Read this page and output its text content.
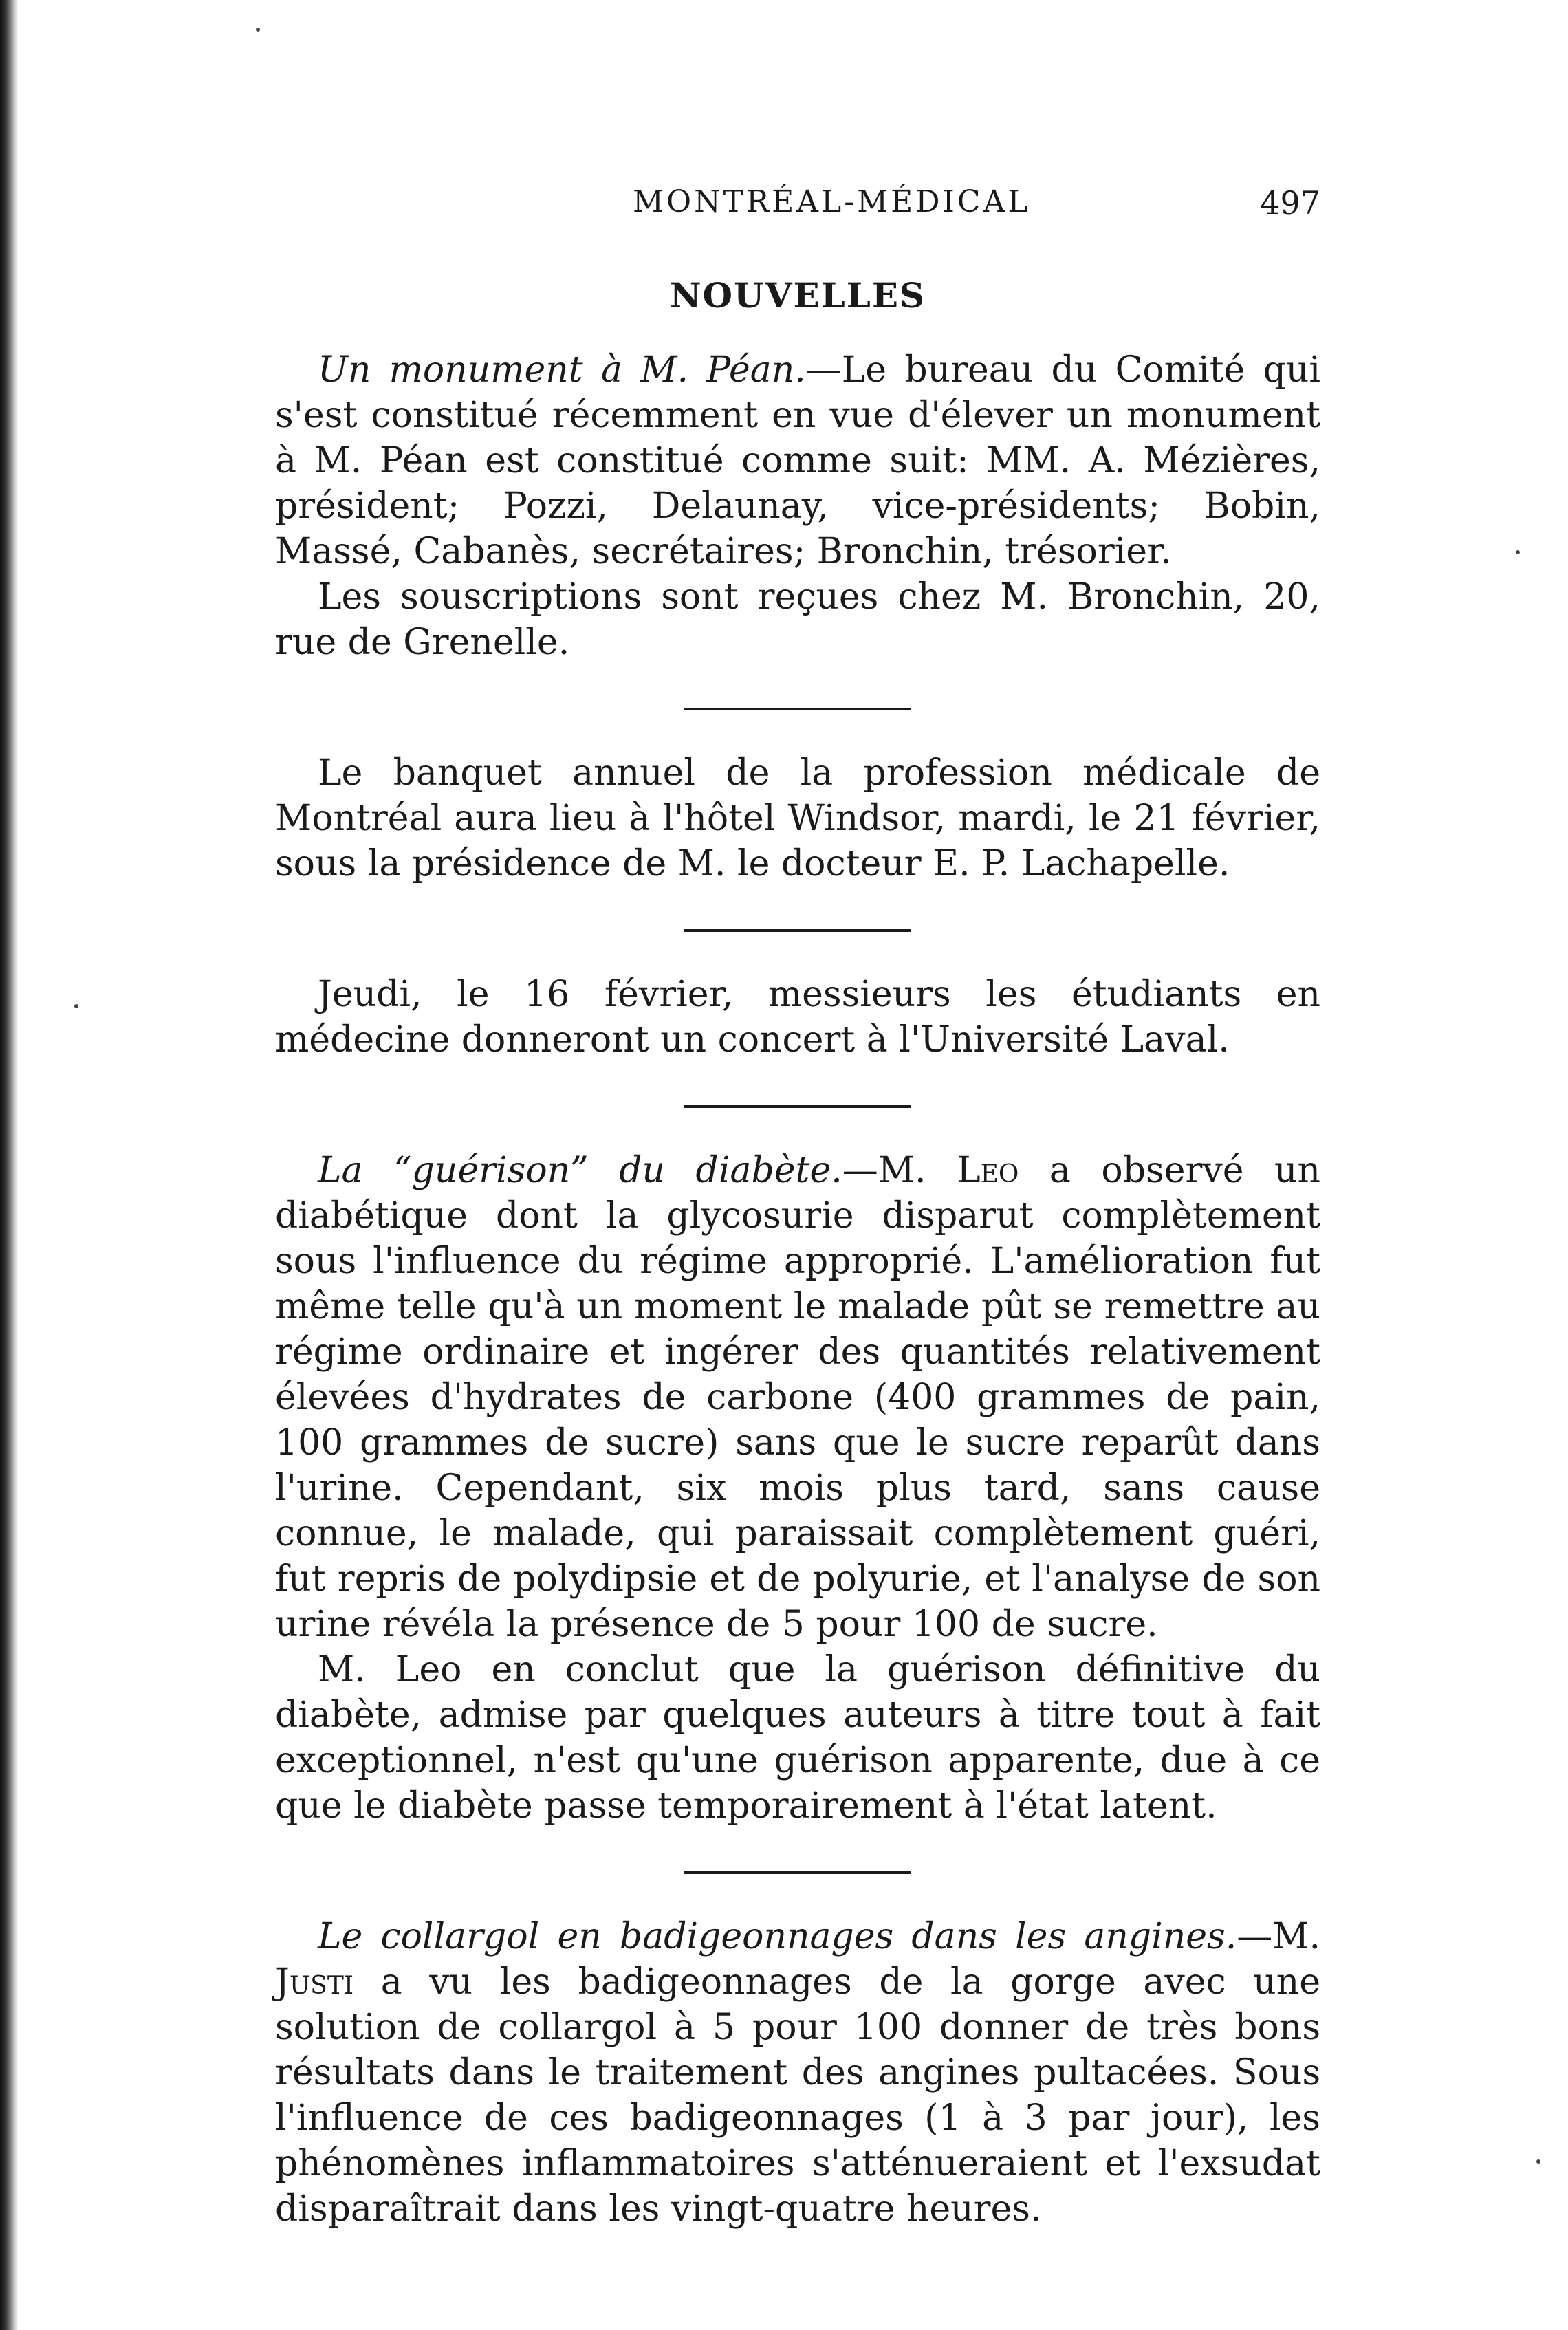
MONTRÉAL-MÉDICAL	497
NOUVELLES

Un monument à M. Péan.—Le bureau du Comité qui s'est constitué récemment en vue d'élever un monument à M. Péan est constitué comme suit: MM. A. Mézières, président; Pozzi, Delaunay, vice-présidents; Bobin, Massé, Cabanès, secrétaires; Bronchin, trésorier.

Les souscriptions sont reçues chez M. Bronchin, 20, rue de Grenelle.

Le banquet annuel de la profession médicale de Montréal aura lieu à l'hôtel Windsor, mardi, le 21 février, sous la présidence de M. le docteur E. P. Lachapelle.

Jeudi, le 16 février, messieurs les étudiants en médecine donneront un concert à l'Université Laval.

La “guérison” du diabète.—M. Leo a observé un diabétique dont la glycosurie disparut complètement sous l'influence du régime approprié. L'amélioration fut même telle qu'à un moment le malade pût se remettre au régime ordinaire et ingérer des quantités relativement élevées d'hydrates de carbone (400 grammes de pain, 100 grammes de sucre) sans que le sucre reparût dans l'urine. Cependant, six mois plus tard, sans cause connue, le malade, qui paraissait complètement guéri, fut repris de polydipsie et de polyurie, et l'analyse de son urine révéla la présence de 5 pour 100 de sucre.

M. Leo en conclut que la guérison définitive du diabète, admise par quelques auteurs à titre tout à fait exceptionnel, n'est qu'une guérison apparente, due à ce que le diabète passe temporairement à l'état latent.

Le collargol en badigeonnages dans les angines.—M. Justi a vu les badigeonnages de la gorge avec une solution de collargol à 5 pour 100 donner de très bons résultats dans le traitement des angines pultacées. Sous l'influence de ces badigeonnages (1 à 3 par jour), les phénomènes inflammatoires s'atténueraient et l'exsudat disparaîtrait dans les vingt-quatre heures.
